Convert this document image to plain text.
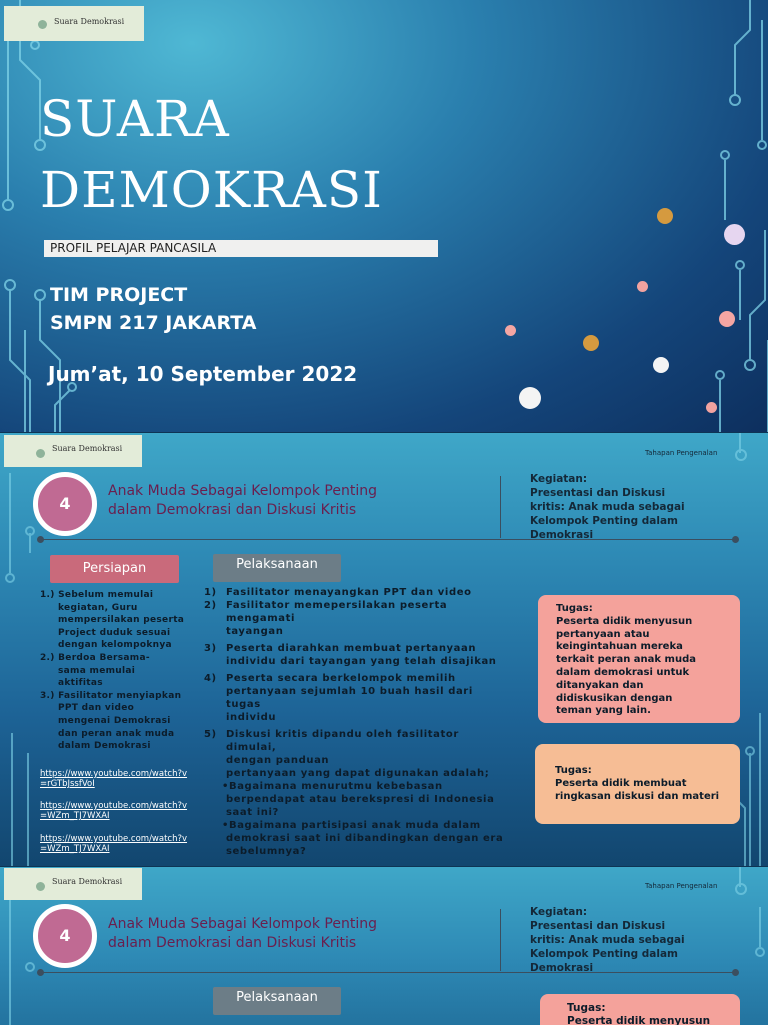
Suara Demokrasi
SUARA
DEMOKRASI
PROFIL PELAJAR PANCASILA

TIM PROJECT

SMPN 217 JAKARTA

Jum’at, 10 September 2022

Suara Demokrasi	Tahapan Pengenalan
4
Anak Muda Sebagai Kelompok Penting
dalam Demokrasi dan Diskusi Kritis
Kegiatan:
Presentasi dan Diskusi
kritis: Anak muda sebagai
Kelompok Penting dalam
Demokrasi
Persiapan	Pelaksanaan
1.) Sebelum memulai
kegiatan, Guru
mempersilakan peserta
Project duduk sesuai
dengan kelompoknya
2.) Berdoa Bersama-
sama memulai
aktifitas
3.) Fasilitator menyiapkan
PPT dan video
mengenai Demokrasi
dan peran anak muda
dalam Demokrasi
https://www.youtube.com/watch?v
=rGTbJssfVoI
https://www.youtube.com/watch?v
=WZm_TJ7WXAI
https://www.youtube.com/watch?v
=WZm_TJ7WXAI
1) Fasilitator menayangkan PPT dan video
2) Fasilitator memepersilakan peserta mengamati
tayangan
3) Peserta diarahkan membuat pertanyaan
individu dari tayangan yang telah disajikan
4) Peserta secara berkelompok memilih
pertanyaan sejumlah 10 buah hasil dari tugas
individu
5) Diskusi kritis dipandu oleh fasilitator dimulai,
dengan panduan
pertanyaan yang dapat digunakan adalah;
•Bagaimana menurutmu kebebasan
berpendapat atau berekspresi di Indonesia
saat ini?
•Bagaimana partisipasi anak muda dalam
demokrasi saat ini dibandingkan dengan era
sebelumnya?
Tugas:
Peserta didik menyusun
pertanyaan atau
keingintahuan mereka
terkait peran anak muda
dalam demokrasi untuk
ditanyakan dan
didiskusikan dengan
teman yang lain.
Tugas:
Peserta didik membuat
ringkasan diskusi dan materi
Suara Demokrasi	Tahapan Pengenalan
4
Anak Muda Sebagai Kelompok Penting
dalam Demokrasi dan Diskusi Kritis
Kegiatan:
Presentasi dan Diskusi
kritis: Anak muda sebagai
Kelompok Penting dalam
Demokrasi
Pelaksanaan
Tugas:
Peserta didik menyusun
